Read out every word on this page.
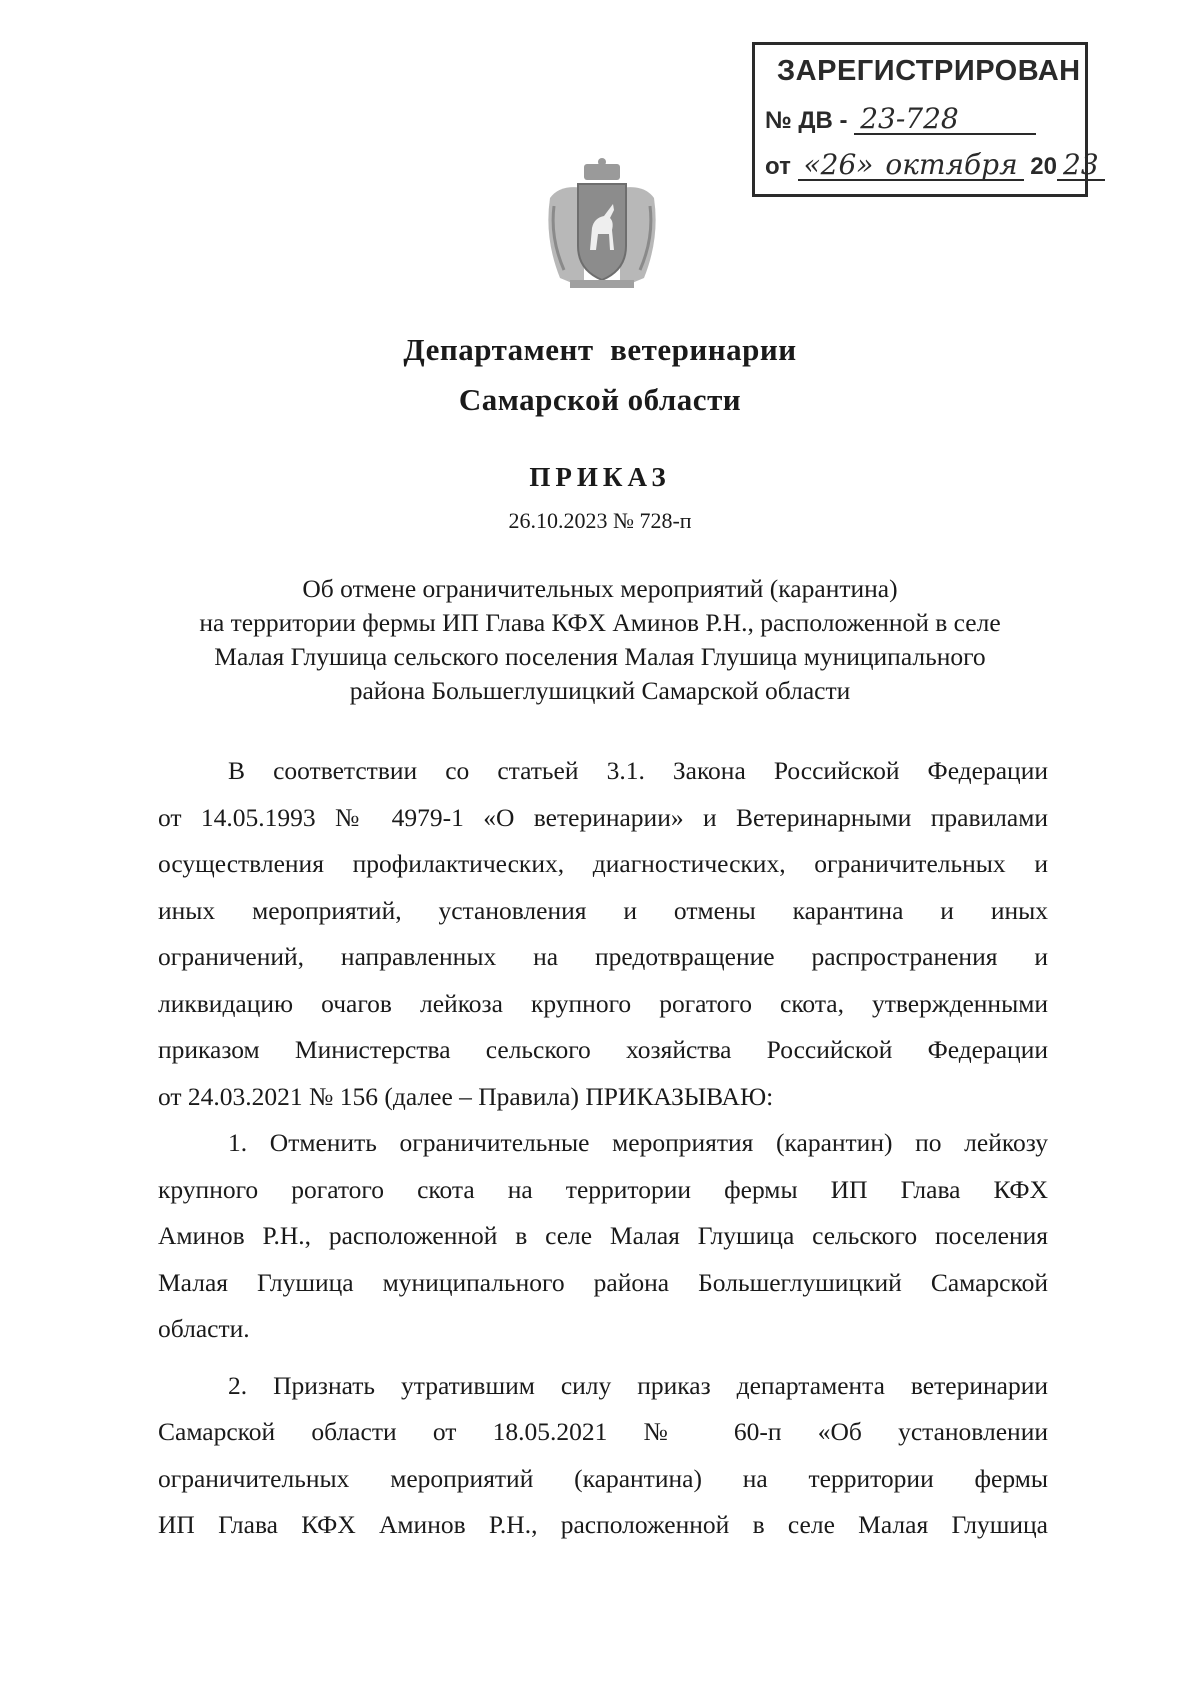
ЗАРЕГИСТРИРОВАН
№ ДВ - 23-728
от «26» октября 20 23
Департамент  ветеринарии
Самарской области
ПРИКАЗ
26.10.2023 № 728-п
Об отмене ограничительных мероприятий (карантина)
на территории фермы ИП Глава КФХ Аминов Р.Н., расположенной в селе
Малая Глушица сельского поселения Малая Глушица муниципального
района Большеглушицкий Самарской области

В соответствии со статьей 3.1. Закона Российской Федерации
от 14.05.1993 № 4979-1 «О ветеринарии» и Ветеринарными правилами
осуществления профилактических, диагностических, ограничительных и
иных мероприятий, установления и отмены карантина и иных
ограничений, направленных на предотвращение распространения и
ликвидацию очагов лейкоза крупного рогатого скота, утвержденными
приказом Министерства сельского хозяйства Российской Федерации
от 24.03.2021 № 156 (далее – Правила) ПРИКАЗЫВАЮ:

1. Отменить ограничительные мероприятия (карантин) по лейкозу
крупного рогатого скота на территории фермы ИП Глава КФХ
Аминов Р.Н., расположенной в селе Малая Глушица сельского поселения
Малая Глушица муниципального района Большеглушицкий Самарской
области.

2. Признать утратившим силу приказ департамента ветеринарии
Самарской области от 18.05.2021 № 60-п «Об установлении
ограничительных мероприятий (карантина) на территории фермы
ИП Глава КФХ Аминов Р.Н., расположенной в селе Малая Глушица
